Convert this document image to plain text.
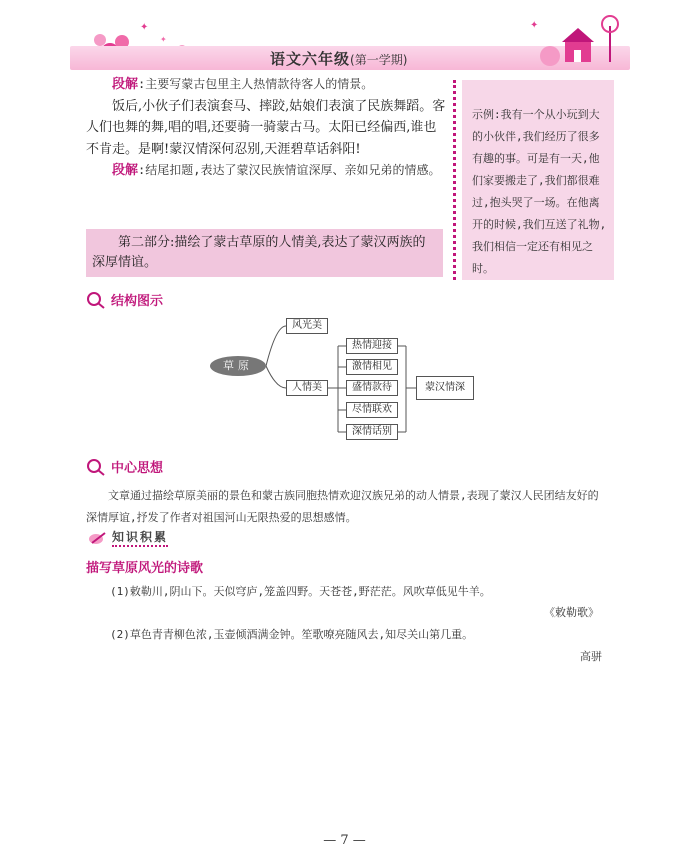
✦
✦
语文六年级(第一学期)
✦

段解:主要写蒙古包里主人热情款待客人的情景。

饭后,小伙子们表演套马、摔跤,姑娘们表演了民族舞蹈。客人们也舞的舞,唱的唱,还要骑一骑蒙古马。太阳已经偏西,谁也不肯走。是啊!蒙汉情深何忍别,天涯碧草话斜阳!

段解:结尾扣题,表达了蒙汉民族情谊深厚、亲如兄弟的情感。

第二部分:描绘了蒙古草原的人情美,表达了蒙汉两族的深厚情谊。

示例:我有一个从小玩到大的小伙伴,我们经历了很多有趣的事。可是有一天,他们家要搬走了,我们都很难过,抱头哭了一场。在他离开的时候,我们互送了礼物,我们相信一定还有相见之时。
结构图示
草原
风光美
人情美
热情迎接
激情相见
盛情款待
尽情联欢
深情话别
蒙汉情深
中心思想
文章通过描绘草原美丽的景色和蒙古族同胞热情欢迎汉族兄弟的动人情景,表现了蒙汉人民团结友好的深情厚谊,抒发了作者对祖国河山无限热爱的思想感情。
知识积累
描写草原风光的诗歌
(1)敕勒川,阴山下。天似穹庐,笼盖四野。天苍苍,野茫茫。风吹草低见牛羊。
《敕勒歌》
(2)草色青青柳色浓,玉壶倾酒满金钟。笙歌嘹亮随风去,知尽关山第几重。
高骈
— 7 —
